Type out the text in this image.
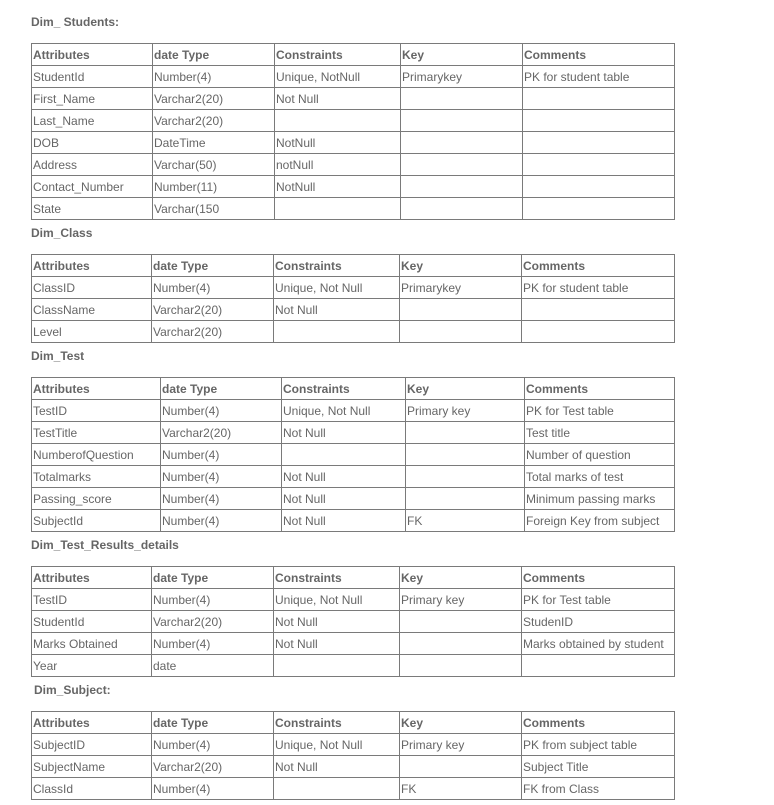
Dim_ Students:
Attributes	date Type	Constraints	Key	Comments
StudentId	Number(4)	Unique, NotNull	Primarykey	PK for student table
First_Name	Varchar2(20)	Not Null		
Last_Name	Varchar2(20)			
DOB	DateTime	NotNull		
Address	Varchar(50)	notNull		
Contact_Number	Number(11)	NotNull		
State	Varchar(150			
Dim_Class
Attributes	date Type	Constraints	Key	Comments
ClassID	Number(4)	Unique, Not Null	Primarykey	PK for student table
ClassName	Varchar2(20)	Not Null		
Level	Varchar2(20)			
Dim_Test
Attributes	date Type	Constraints	Key	Comments
TestID	Number(4)	Unique, Not Null	Primary key	PK for Test table
TestTitle	Varchar2(20)	Not Null		Test title
NumberofQuestion	Number(4)			Number of question
Totalmarks	Number(4)	Not Null		Total marks of test
Passing_score	Number(4)	Not Null		Minimum passing marks
SubjectId	Number(4)	Not Null	FK	Foreign Key from subject
Dim_Test_Results_details
Attributes	date Type	Constraints	Key	Comments
TestID	Number(4)	Unique, Not Null	Primary key	PK for Test table
StudentId	Varchar2(20)	Not Null		StudenID
Marks Obtained	Number(4)	Not Null		Marks obtained by student
Year	date			
Dim_Subject:
Attributes	date Type	Constraints	Key	Comments
SubjectID	Number(4)	Unique, Not Null	Primary key	PK from subject table
SubjectName	Varchar2(20)	Not Null		Subject Title
ClassId	Number(4)		FK	FK from Class
